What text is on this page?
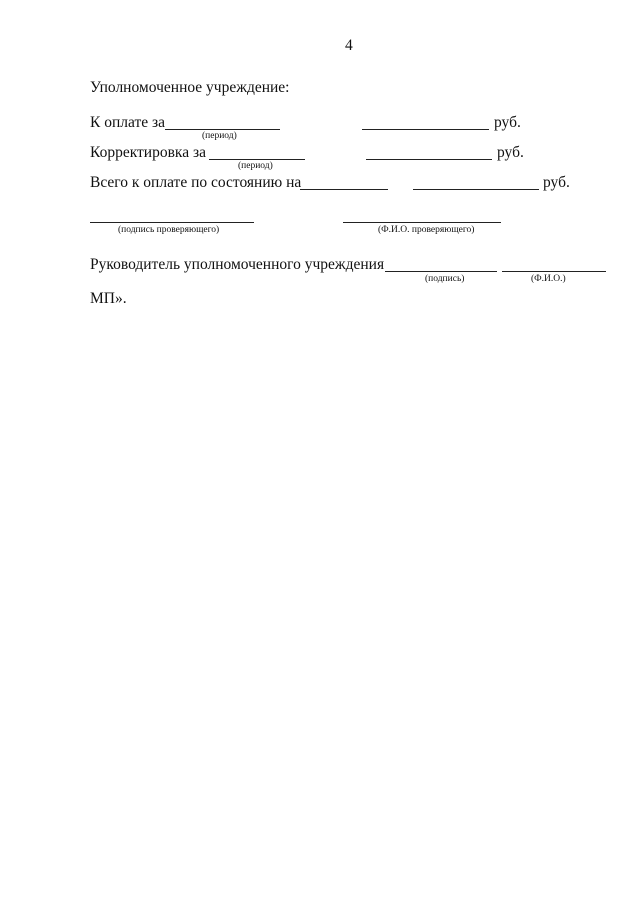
4
Уполномоченное учреждение:
К оплате за
(период)
руб.
Корректировка за
(период)
руб.
Всего к оплате по состоянию на	руб.
(подпись проверяющего)	(Ф.И.О. проверяющего)
Руководитель уполномоченного учреждения
(подпись)	(Ф.И.О.)
МП».
